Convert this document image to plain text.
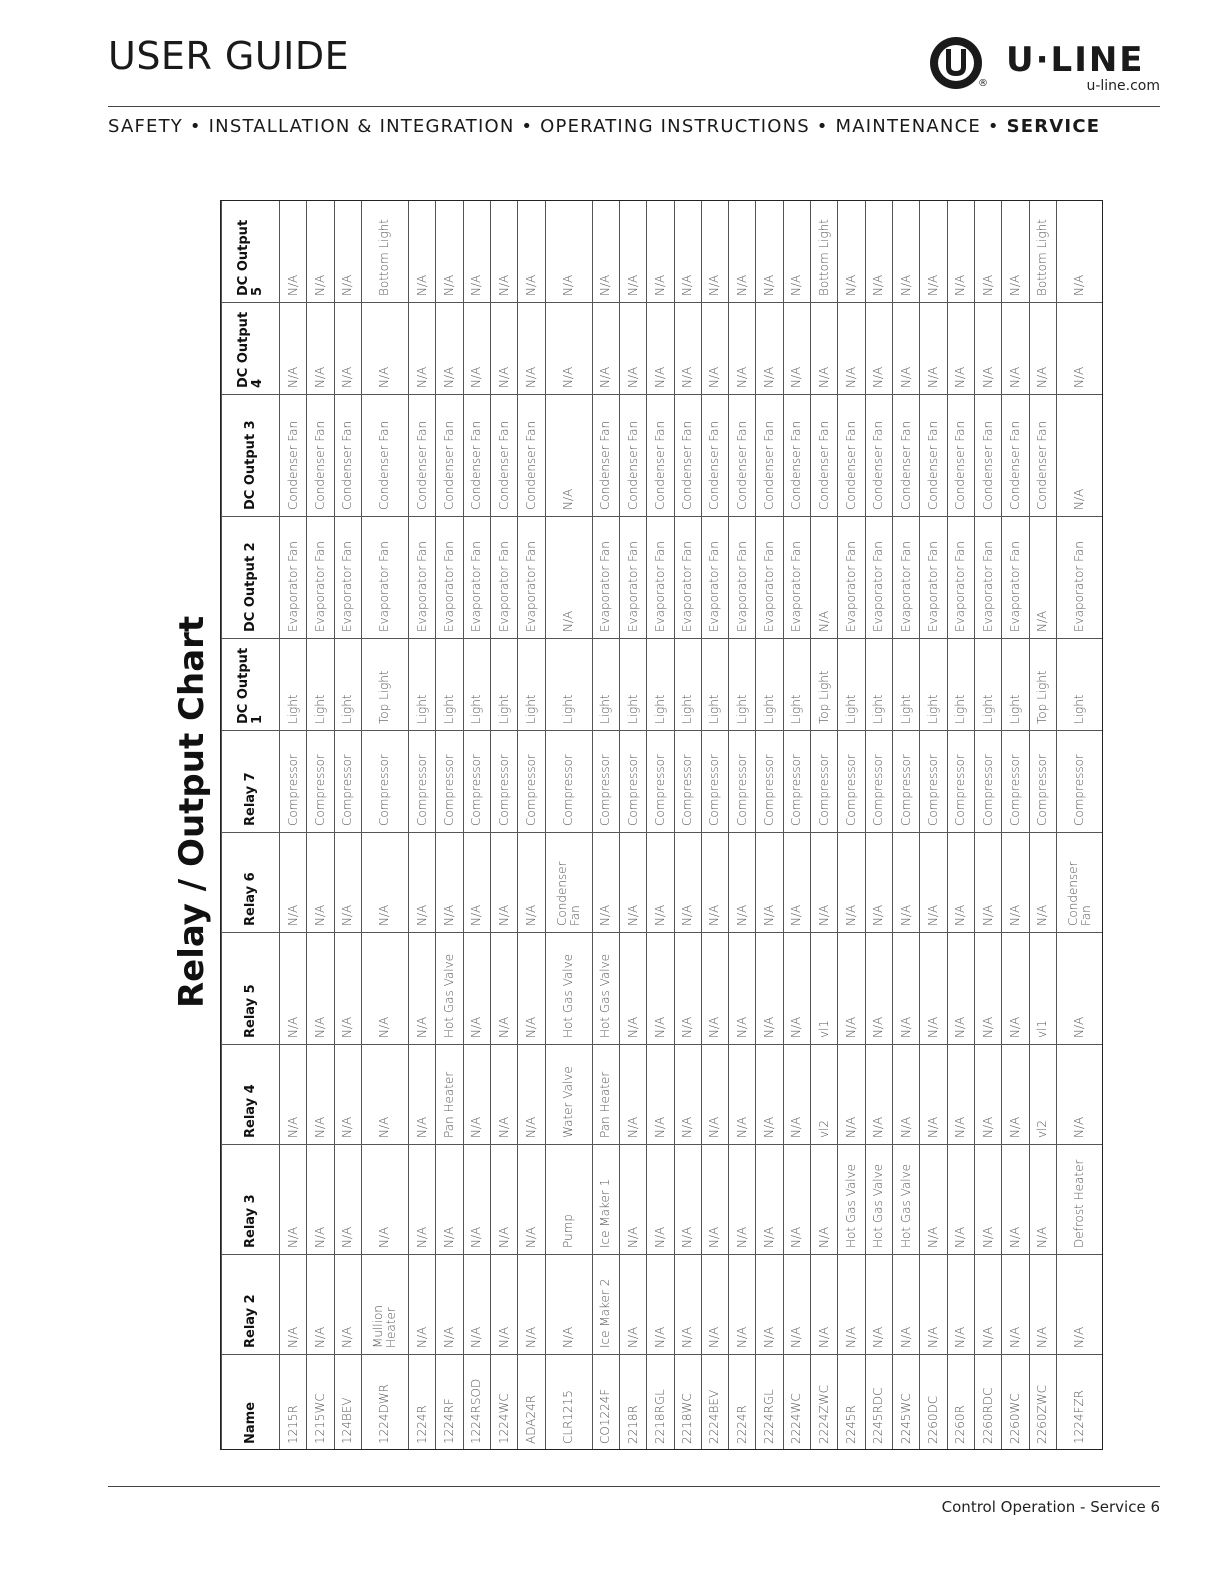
USER GUIDE
®
U·LINE
u-line.com
SAFETY • INSTALLATION & INTEGRATION • OPERATING INSTRUCTIONS • MAINTENANCE • SERVICE
Relay / Output Chart
Name	Relay 2	Relay 3	Relay 4	Relay 5	Relay 6	Relay 7	DC Output 1	DC Output 2	DC Output 3	DC Output 4	DC Output 5
1215R	N/A	N/A	N/A	N/A	N/A	Compressor	Light	Evaporator Fan	Condenser Fan	N/A	N/A
1215WC	N/A	N/A	N/A	N/A	N/A	Compressor	Light	Evaporator Fan	Condenser Fan	N/A	N/A
124BEV	N/A	N/A	N/A	N/A	N/A	Compressor	Light	Evaporator Fan	Condenser Fan	N/A	N/A
1224DWR	Mullion Heater	N/A	N/A	N/A	N/A	Compressor	Top Light	Evaporator Fan	Condenser Fan	N/A	Bottom Light
1224R	N/A	N/A	N/A	N/A	N/A	Compressor	Light	Evaporator Fan	Condenser Fan	N/A	N/A
1224RF	N/A	N/A	Pan Heater	Hot Gas Valve	N/A	Compressor	Light	Evaporator Fan	Condenser Fan	N/A	N/A
1224RSOD	N/A	N/A	N/A	N/A	N/A	Compressor	Light	Evaporator Fan	Condenser Fan	N/A	N/A
1224WC	N/A	N/A	N/A	N/A	N/A	Compressor	Light	Evaporator Fan	Condenser Fan	N/A	N/A
ADA24R	N/A	N/A	N/A	N/A	N/A	Compressor	Light	Evaporator Fan	Condenser Fan	N/A	N/A
CLR1215	N/A	Pump	Water Valve	Hot Gas Valve	Condenser Fan	Compressor	Light	N/A	N/A	N/A	N/A
CO1224F	Ice Maker 2	Ice Maker 1	Pan Heater	Hot Gas Valve	N/A	Compressor	Light	Evaporator Fan	Condenser Fan	N/A	N/A
2218R	N/A	N/A	N/A	N/A	N/A	Compressor	Light	Evaporator Fan	Condenser Fan	N/A	N/A
2218RGL	N/A	N/A	N/A	N/A	N/A	Compressor	Light	Evaporator Fan	Condenser Fan	N/A	N/A
2218WC	N/A	N/A	N/A	N/A	N/A	Compressor	Light	Evaporator Fan	Condenser Fan	N/A	N/A
2224BEV	N/A	N/A	N/A	N/A	N/A	Compressor	Light	Evaporator Fan	Condenser Fan	N/A	N/A
2224R	N/A	N/A	N/A	N/A	N/A	Compressor	Light	Evaporator Fan	Condenser Fan	N/A	N/A
2224RGL	N/A	N/A	N/A	N/A	N/A	Compressor	Light	Evaporator Fan	Condenser Fan	N/A	N/A
2224WC	N/A	N/A	N/A	N/A	N/A	Compressor	Light	Evaporator Fan	Condenser Fan	N/A	N/A
2224ZWC	N/A	N/A	vl2	vl1	N/A	Compressor	Top Light	N/A	Condenser Fan	N/A	Bottom Light
2245R	N/A	Hot Gas Valve	N/A	N/A	N/A	Compressor	Light	Evaporator Fan	Condenser Fan	N/A	N/A
2245RDC	N/A	Hot Gas Valve	N/A	N/A	N/A	Compressor	Light	Evaporator Fan	Condenser Fan	N/A	N/A
2245WC	N/A	Hot Gas Valve	N/A	N/A	N/A	Compressor	Light	Evaporator Fan	Condenser Fan	N/A	N/A
2260DC	N/A	N/A	N/A	N/A	N/A	Compressor	Light	Evaporator Fan	Condenser Fan	N/A	N/A
2260R	N/A	N/A	N/A	N/A	N/A	Compressor	Light	Evaporator Fan	Condenser Fan	N/A	N/A
2260RDC	N/A	N/A	N/A	N/A	N/A	Compressor	Light	Evaporator Fan	Condenser Fan	N/A	N/A
2260WC	N/A	N/A	N/A	N/A	N/A	Compressor	Light	Evaporator Fan	Condenser Fan	N/A	N/A
2260ZWC	N/A	N/A	vl2	vl1	N/A	Compressor	Top Light	N/A	Condenser Fan	N/A	Bottom Light
1224FZR	N/A	Defrost Heater	N/A	N/A	Condenser Fan	Compressor	Light	Evaporator Fan	N/A	N/A	N/A
Control Operation - Service 6
